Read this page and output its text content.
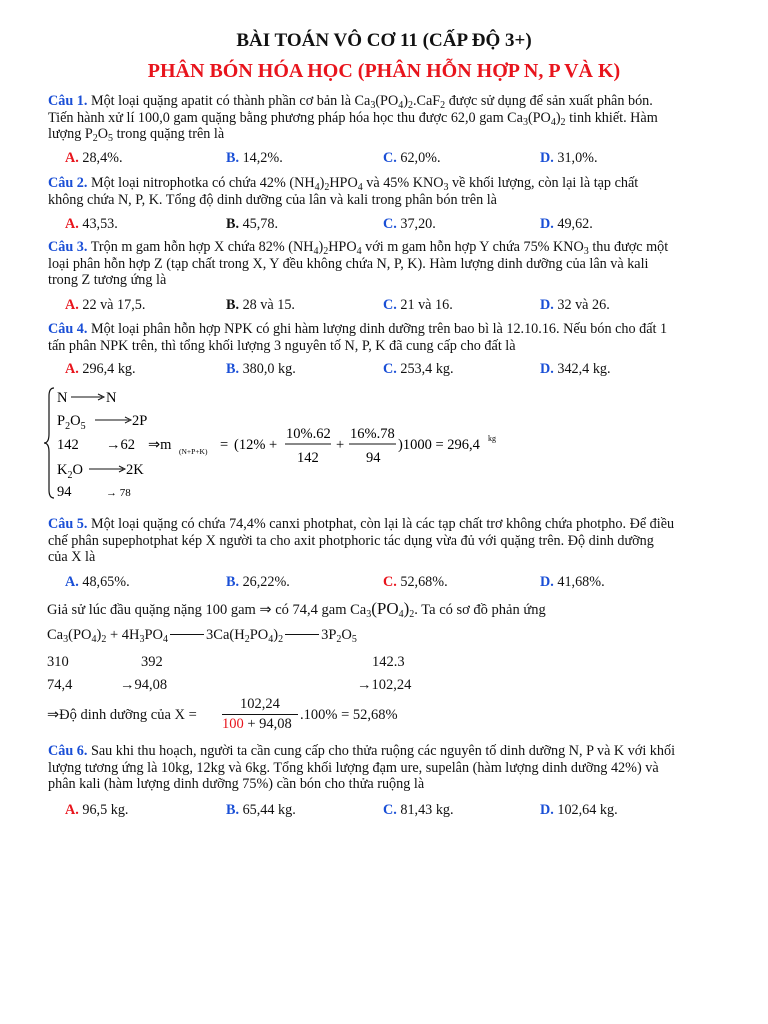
BÀI TOÁN VÔ CƠ 11 (CẤP ĐỘ 3+)
PHÂN BÓN HÓA HỌC (PHÂN HỖN HỢP N, P VÀ K)
Câu 1. Một loại quặng apatit có thành phần cơ bản là $Ca_3(PO_4)_2.CaF_2$ được sử dụng để sản xuất phân bón.
Tiến hành xử lí 100,0 gam quặng bằng phương pháp hóa học thu được 62,0 gam $Ca_3(PO_4)_2$ tinh khiết. Hàm
lượng $P_2O_5$ trong quặng trên là
A. 28,4%.	B. 14,2%.	C. 62,0%.	D. 31,0%.
Câu 2. Một loại nitrophotka có chứa 42% $(NH_4)_2HPO_4$ và 45% $KNO_3$ về khối lượng, còn lại là tạp chất
không chứa N, P, K. Tổng độ dinh dưỡng của lân và kali trong phân bón trên là
A. 43,53.	B. 45,78.	C. 37,20.	D. 49,62.
Câu 3. Trộn m gam hỗn hợp X chứa 82% $(NH_4)_2HPO_4$ với m gam hỗn hợp Y chứa 75% $KNO_3$ thu được một
loại phân hỗn hợp Z (tạp chất trong X, Y đều không chứa N, P, K). Hàm lượng dinh dưỡng của lân và kali
trong Z tương ứng là
A. 22 và 17,5.	B. 28 và 15.	C. 21 và 16.	D. 32 và 26.
Câu 4. Một loại phân hỗn hợp NPK có ghi hàm lượng dinh dưỡng trên bao bì là 12.10.16. Nếu bón cho đất 1
tấn phân NPK trên, thì tổng khối lượng 3 nguyên tố N, P, K đã cung cấp cho đất là
A. 296,4 kg.	B. 380,0 kg.	C. 253,4 kg.	D. 342,4 kg.
N	N
$P_2O_5$	2P
142 →62 ⇒m (N+P+K) = (12% +
10%.62
142
+
16%.78
94
)1000 = 296,4 kg
$K_2O$	2K
94	→ 78
Câu 5. Một loại quặng có chứa 74,4% canxi photphat, còn lại là các tạp chất trơ không chứa photpho. Để điều
chế phân supephotphat kép X người ta cho axit photphoric tác dụng vừa đủ với quặng trên. Độ dinh dưỡng
của X là
A. 48,65%.	B. 26,22%.	C. 52,68%.	D. 41,68%.
Giả sử lúc đầu quặng nặng 100 gam ⇒ có 74,4 gam $Ca_3(PO_4)_2$. Ta có sơ đồ phản ứng
$Ca_3(PO_4)_2 + 4H_3PO_4$	$3Ca(H_2PO_4)_2$	$3P_2O_5$
310	392	142.3
74,4	→94,08	→102,24
⇒Độ dinh dưỡng của X =
102,24
100 + 94,08
.100% = 52,68%
Câu 6. Sau khi thu hoạch, người ta cần cung cấp cho thửa ruộng các nguyên tố dinh dưỡng N, P và K với khối
lượng tương ứng là 10kg, 12kg và 6kg. Tổng khối lượng đạm ure, supelân (hàm lượng dinh dưỡng 42%) và
phân kali (hàm lượng dinh dưỡng 75%) cần bón cho thửa ruộng là
A. 96,5 kg.	B. 65,44 kg.	C. 81,43 kg.	D. 102,64 kg.
